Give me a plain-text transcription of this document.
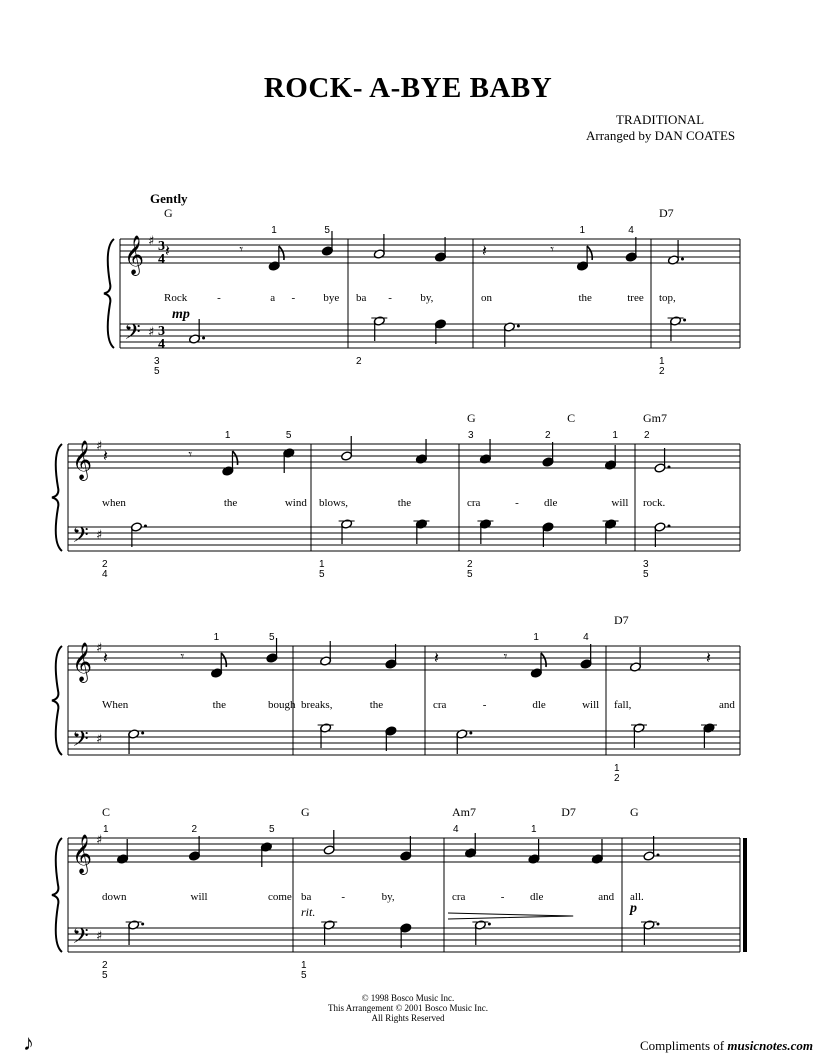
ROCK- A-BYE BABY
TRADITIONAL
Arranged by DAN COATES
Gently
𝄞
𝄢
♯
♯
3
4
3
4
𝄽	𝄾	𝄽	𝄾
G	D7
1	5	1	4
Rock	-	a -	bye ba -	by,	on	the	tree top,
3
5
2	1
2
mp
𝄞
𝄢
♯
♯
𝄽	𝄾
G	C	Gm7
1	5	3	2	1	2
when	the	wind blows,	the	cra	- dle	will rock.
2
4
1
5
2
5
3
5
𝄞
𝄢
♯
♯
𝄽	𝄾	𝄽	𝄾	𝄽
D7
1	5	1	4
When	the	bough breaks,	the	cra	-	dle	will fall,	and
1
2
𝄞
𝄢
♯
♯
C	G	Am7	D7	G
1	2	5	4	1
down	will	come ba	-	by,	cra	- dle	and all.
2
5
1
5
p
rit.
© 1998 Bosco Music Inc.
This Arrangement © 2001 Bosco Music Inc.
All Rights Reserved
♪	Compliments of musicnotes.com
